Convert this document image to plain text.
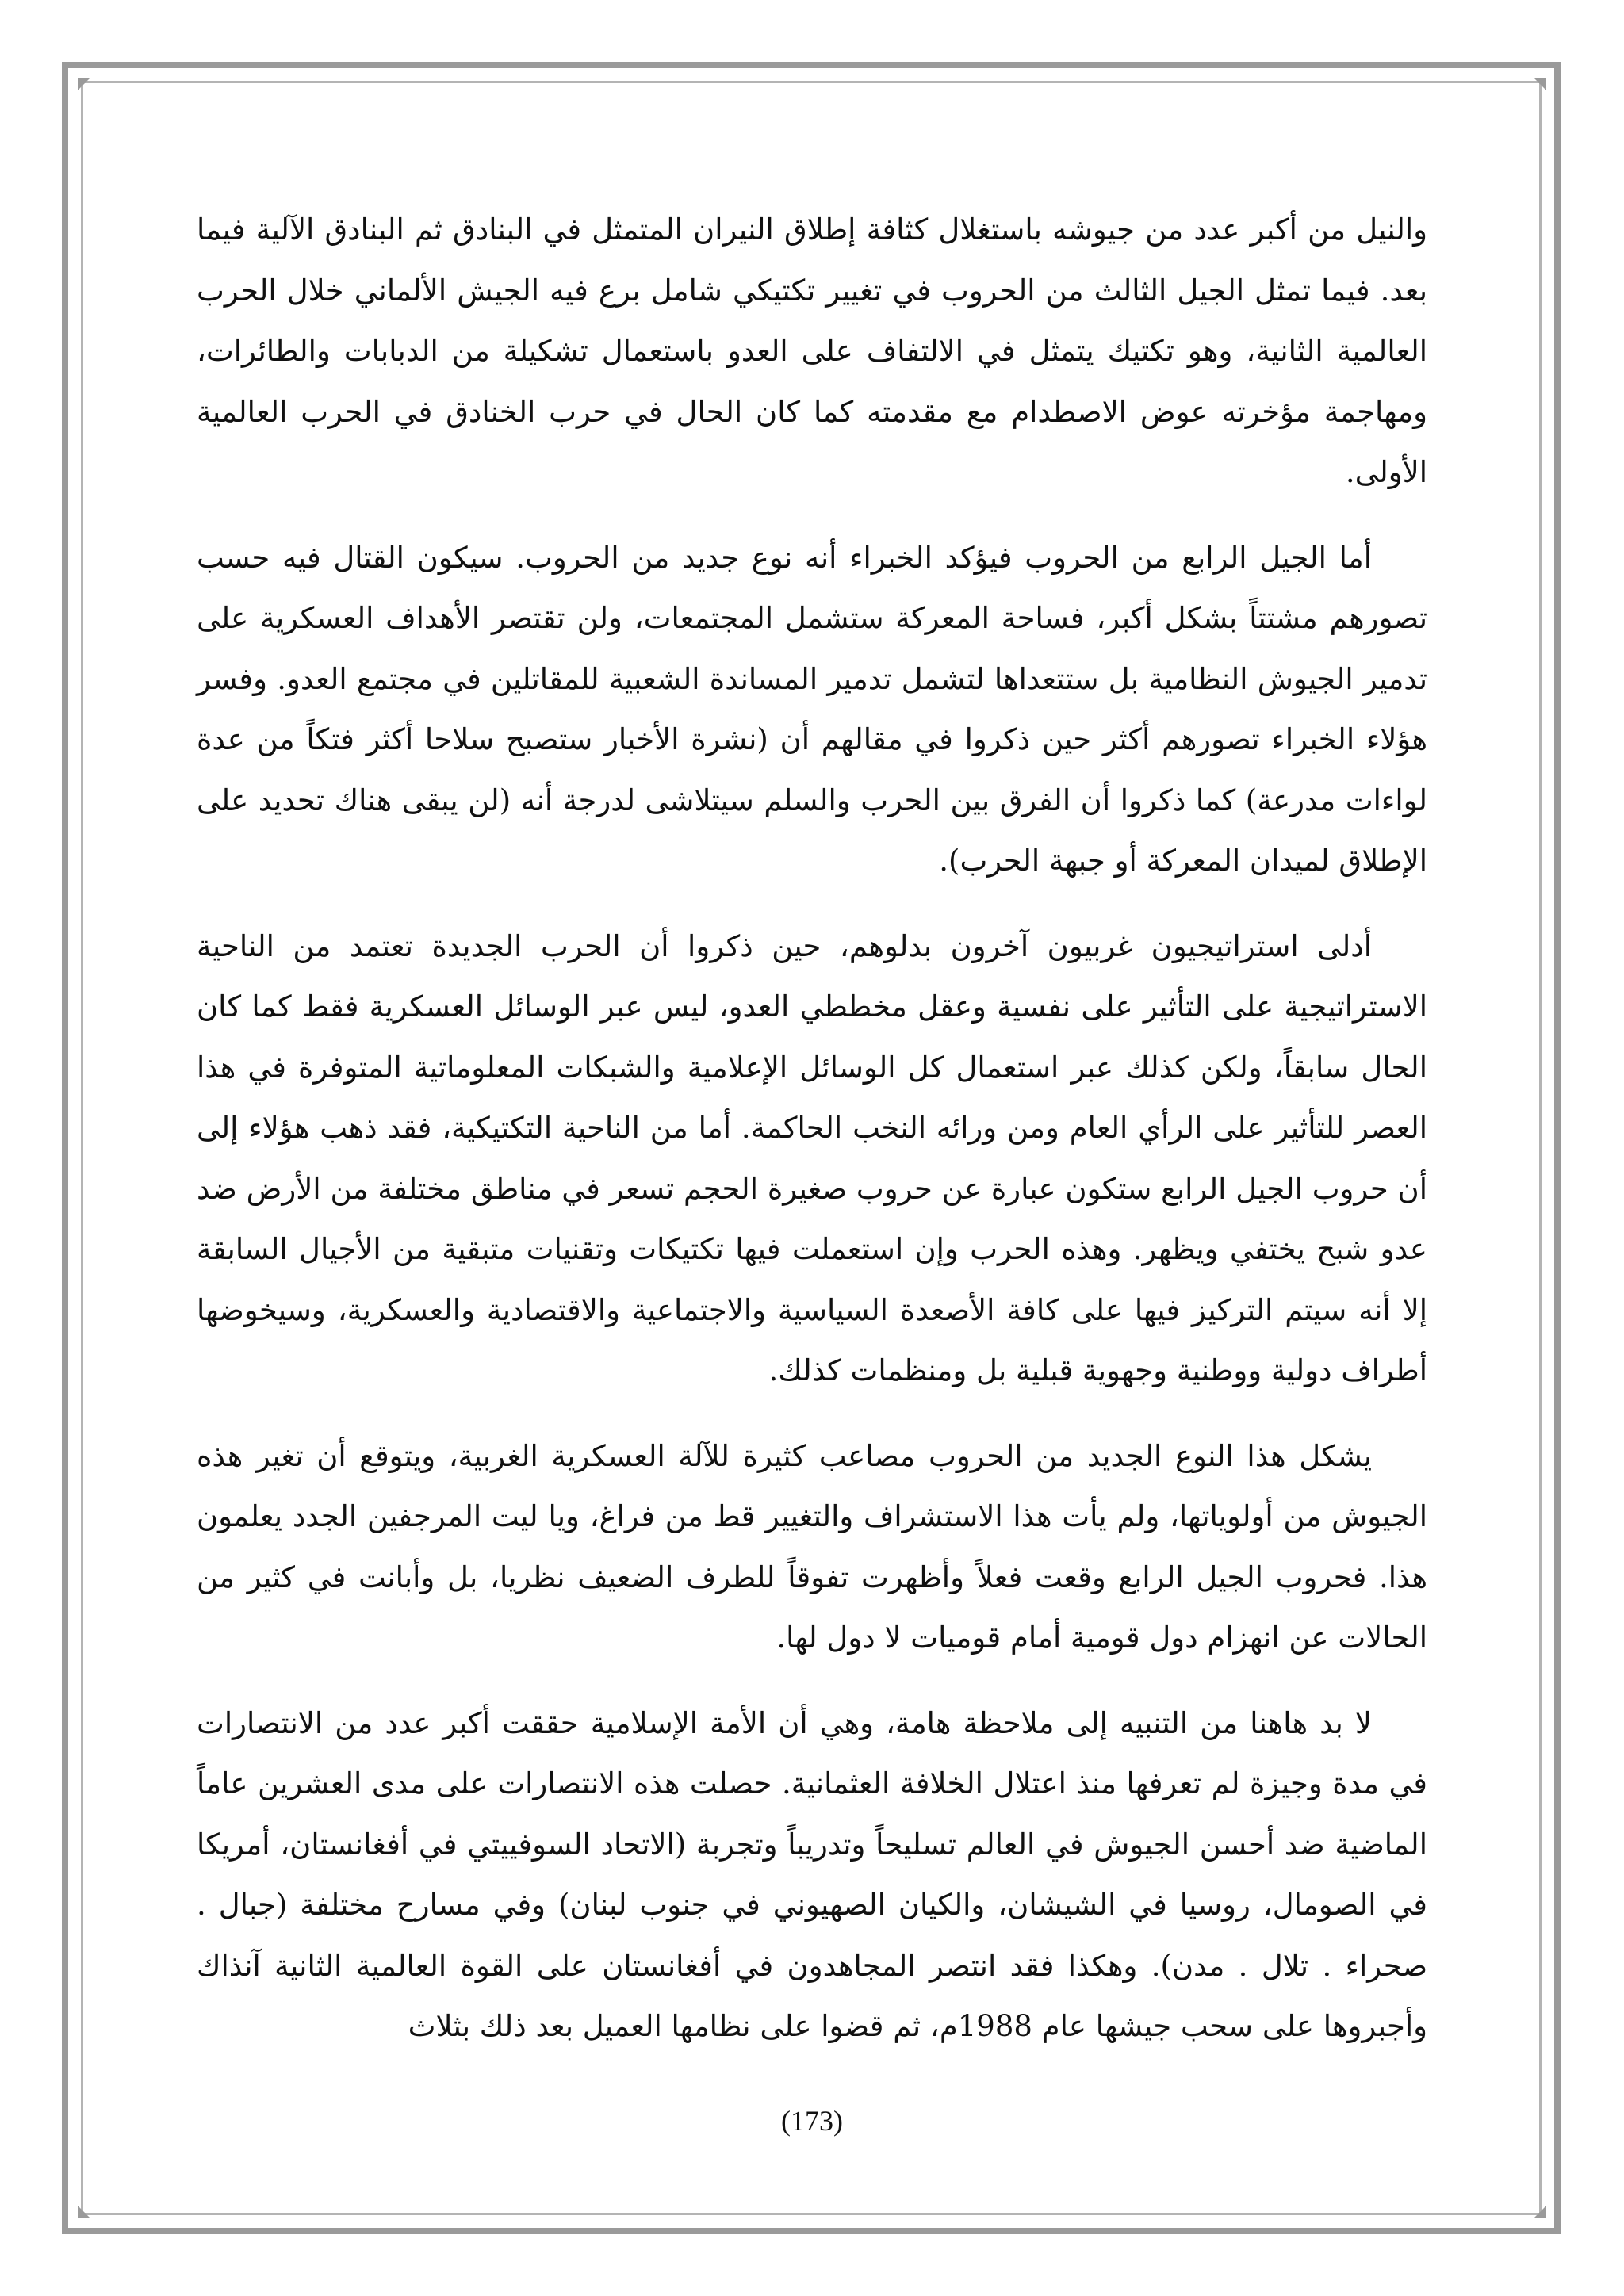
والنيل من أكبر عدد من جيوشه باستغلال كثافة إطلاق النيران المتمثل في البنادق ثم البنادق الآلية فيما بعد. فيما تمثل الجيل الثالث من الحروب في تغيير تكتيكي شامل برع فيه الجيش الألماني خلال الحرب العالمية الثانية، وهو تكتيك يتمثل في الالتفاف على العدو باستعمال تشكيلة من الدبابات والطائرات، ومهاجمة مؤخرته عوض الاصطدام مع مقدمته كما كان الحال في حرب الخنادق في الحرب العالمية الأولى.

أما الجيل الرابع من الحروب فيؤكد الخبراء أنه نوع جديد من الحروب. سيكون القتال فيه حسب تصورهم مشتتاً بشكل أكبر، فساحة المعركة ستشمل المجتمعات، ولن تقتصر الأهداف العسكرية على تدمير الجيوش النظامية بل ستتعداها لتشمل تدمير المساندة الشعبية للمقاتلين في مجتمع العدو. وفسر هؤلاء الخبراء تصورهم أكثر حين ذكروا في مقالهم أن (نشرة الأخبار ستصبح سلاحا أكثر فتكاً من عدة لواءات مدرعة) كما ذكروا أن الفرق بين الحرب والسلم سيتلاشى لدرجة أنه (لن يبقى هناك تحديد على الإطلاق لميدان المعركة أو جبهة الحرب).

أدلى استراتيجيون غربيون آخرون بدلوهم، حين ذكروا أن الحرب الجديدة تعتمد من الناحية الاستراتيجية على التأثير على نفسية وعقل مخططي العدو، ليس عبر الوسائل العسكرية فقط كما كان الحال سابقاً، ولكن كذلك عبر استعمال كل الوسائل الإعلامية والشبكات المعلوماتية المتوفرة في هذا العصر للتأثير على الرأي العام ومن ورائه النخب الحاكمة. أما من الناحية التكتيكية، فقد ذهب هؤلاء إلى أن حروب الجيل الرابع ستكون عبارة عن حروب صغيرة الحجم تسعر في مناطق مختلفة من الأرض ضد عدو شبح يختفي ويظهر. وهذه الحرب وإن استعملت فيها تكتيكات وتقنيات متبقية من الأجيال السابقة إلا أنه سيتم التركيز فيها على كافة الأصعدة السياسية والاجتماعية والاقتصادية والعسكرية، وسيخوضها أطراف دولية ووطنية وجهوية قبلية بل ومنظمات كذلك.

يشكل هذا النوع الجديد من الحروب مصاعب كثيرة للآلة العسكرية الغربية، ويتوقع أن تغير هذه الجيوش من أولوياتها، ولم يأت هذا الاستشراف والتغيير قط من فراغ، ويا ليت المرجفين الجدد يعلمون هذا. فحروب الجيل الرابع وقعت فعلاً وأظهرت تفوقاً للطرف الضعيف نظريا، بل وأبانت في كثير من الحالات عن انهزام دول قومية أمام قوميات لا دول لها.

لا بد هاهنا من التنبيه إلى ملاحظة هامة، وهي أن الأمة الإسلامية حققت أكبر عدد من الانتصارات في مدة وجيزة لم تعرفها منذ اعتلال الخلافة العثمانية. حصلت هذه الانتصارات على مدى العشرين عاماً الماضية ضد أحسن الجيوش في العالم تسليحاً وتدريباً وتجربة (الاتحاد السوفييتي في أفغانستان، أمريكا في الصومال، روسيا في الشيشان، والكيان الصهيوني في جنوب لبنان) وفي مسارح مختلفة (جبال . صحراء . تلال . مدن). وهكذا فقد انتصر المجاهدون في أفغانستان على القوة العالمية الثانية آنذاك وأجبروها على سحب جيشها عام 1988م، ثم قضوا على نظامها العميل بعد ذلك بثلاث

(173)
